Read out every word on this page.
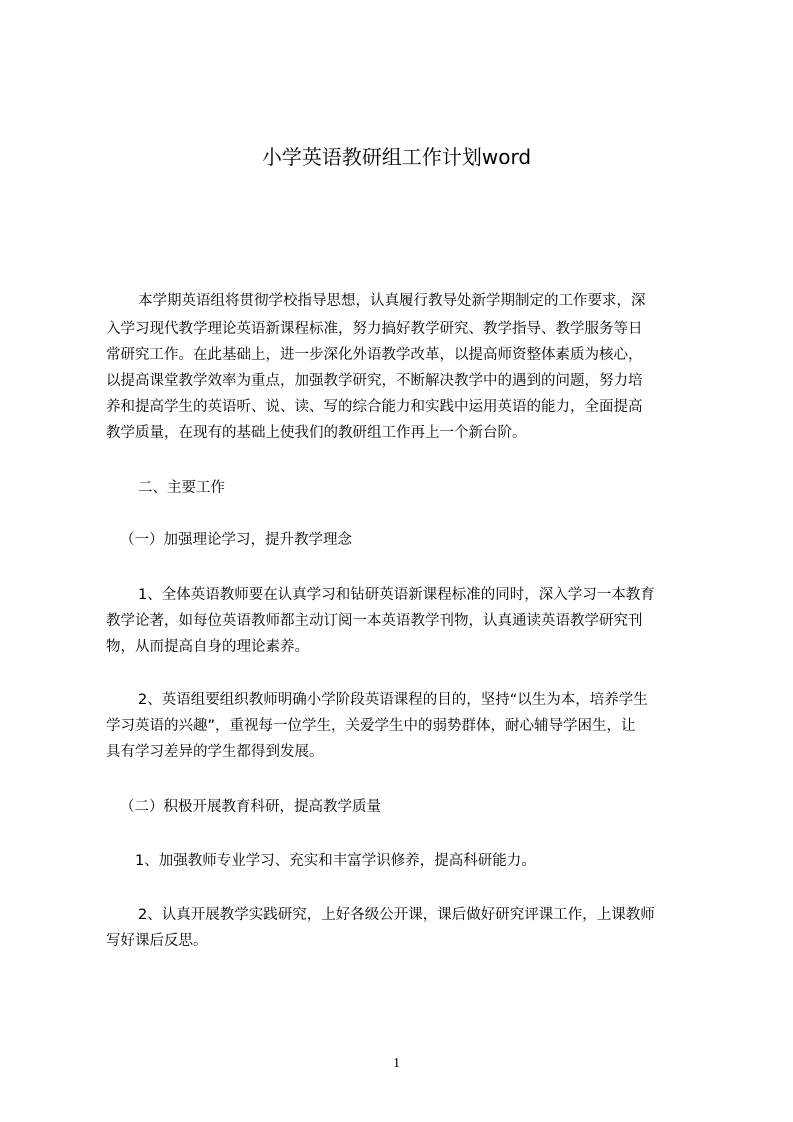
小学英语教研组工作计划word
本学期英语组将贯彻学校指导思想，认真履行教导处新学期制定的工作要求，深
入学习现代教学理论英语新课程标准，努力搞好教学研究、教学指导、教学服务等日
常研究工作。在此基础上，进一步深化外语教学改革，以提高师资整体素质为核心，
以提高课堂教学效率为重点，加强教学研究，不断解决教学中的遇到的问题，努力培
养和提高学生的英语听、说、读、写的综合能力和实践中运用英语的能力，全面提高
教学质量，在现有的基础上使我们的教研组工作再上一个新台阶。
二、主要工作
（一）加强理论学习，提升教学理念
1、全体英语教师要在认真学习和钻研英语新课程标准的同时，深入学习一本教育
教学论著，如每位英语教师都主动订阅一本英语教学刊物，认真通读英语教学研究刊
物，从而提高自身的理论素养。
2、英语组要组织教师明确小学阶段英语课程的目的，坚持“以生为本，培养学生
学习英语的兴趣”，重视每一位学生，关爱学生中的弱势群体，耐心辅导学困生，让
具有学习差异的学生都得到发展。
（二）积极开展教育科研，提高教学质量
1、加强教师专业学习、充实和丰富学识修养，提高科研能力。
2、认真开展教学实践研究，上好各级公开课，课后做好研究评课工作，上课教师
写好课后反思。
1
